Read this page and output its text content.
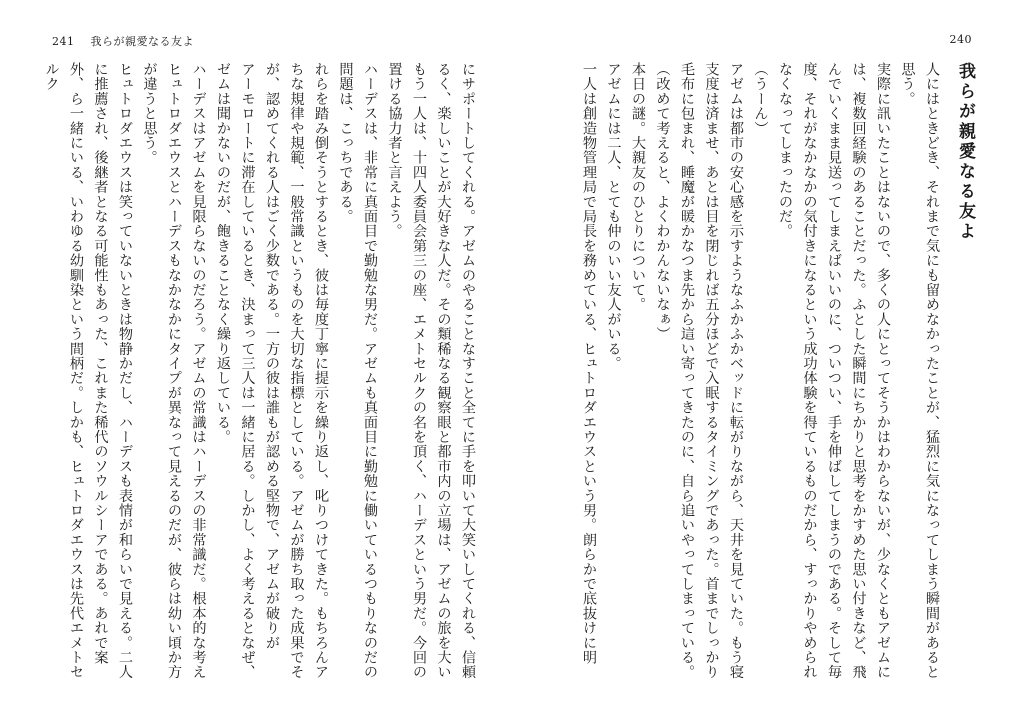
241 我らが親愛なる友よ

にサポートしてくれる。アゼムのやることなすこと全てに手を叩いて大笑いしてくれる、信頼るく、楽しいことが大好きな人だ。その類稀なる観察眼と都市内の立場は、アゼムの旅を大い

もう一人は、十四人委員会第三の座、エメトセルクの名を頂く、ハーデスという男だ。今回の置ける協力者と言えよう。

ハーデスは、非常に真面目で勤勉な男だ。アゼムも真面目に勤勉に働いているつもりなのだの問題は、こっちである。

れらを踏み倒そうとするとき、彼は毎度丁寧に提示を繰り返し、叱りつけてきた。もちろんアちな規律や規範、一般常識というものを大切な指標としている。アゼムが勝ち取った成果でそが、認めてくれる人はごく少数である。一方の彼は誰もが認める堅物で、アゼムが破りが

アーモロートに滞在しているとき、決まって三人は一緒に居る。しかし、よく考えるとなぜ、ゼムは聞かないのだが、飽きることなく繰り返している。

ハーデスはアゼムを見限らないのだろう。アゼムの常識はハーデスの非常識だ。根本的な考え

ヒュトロダエウスとハーデスもなかなかにタイプが異なって見えるのだが、彼らは幼い頃か方が違うと思う。

ヒュトロダエウスは笑っていないときは物静かだし、ハーデスも表情が和らいで見える。二人に推薦され、後継者となる可能性もあった、これまた稀代のソウルシーアである。あれで案外、ら一緒にいる、いわゆる幼馴染という間柄だ。しかも、ヒュトロダエウスは先代エメトセルク

240
我らが親愛なる友よ

人にはときどき、それまで気にも留めなかったことが、猛烈に気になってしまう瞬間があると思う。

実際に訊いたことはないので、多くの人にとってそうかはわからないが、少なくともアゼムには、複数回経験のあることだった。ふとした瞬間にちかりと思考をかすめた思い付きなど、飛んでいくまま見送ってしまえばいいのに、ついつい、手を伸ばしてしまうのである。そして毎度、それがなかなかの気付きになるという成功体験を得ているものだから、すっかりやめられなくなってしまったのだ。

（うーん）

アゼムは都市の安心感を示すようなふかふかベッドに転がりながら、天井を見ていた。もう寝支度は済ませ、あとは目を閉じれば五分ほどで入眠するタイミングであった。首までしっかり毛布に包まれ、睡魔が暖かなつま先から這い寄ってきたのに、自ら追いやってしまっている。

（改めて考えると、よくわかんないなぁ）

本日の謎。大親友のひとりについて。

アゼムには二人、とても仲のいい友人がいる。

一人は創造物管理局で局長を務めている、ヒュトロダエウスという男。朗らかで底抜けに明
